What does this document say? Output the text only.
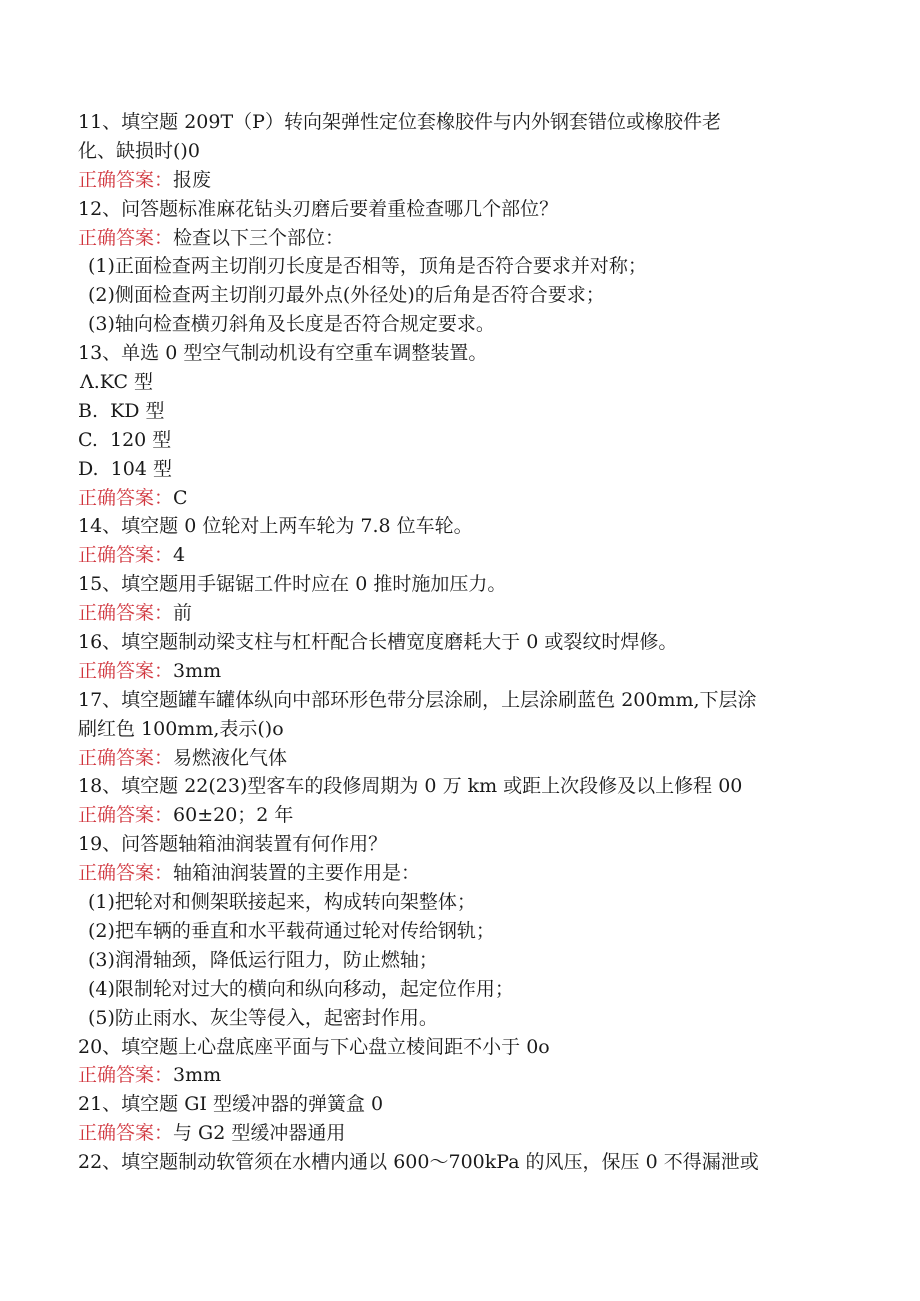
11、填空题 209T（P）转向架弹性定位套橡胶件与内外钢套错位或橡胶件老
化、缺损时()0
正确答案：报废
12、问答题标准麻花钻头刃磨后要着重检查哪几个部位？
正确答案：检查以下三个部位：
(1)正面检查两主切削刃长度是否相等，顶角是否符合要求并对称；
(2)侧面检查两主切削刃最外点(外径处)的后角是否符合要求；
(3)轴向检查横刃斜角及长度是否符合规定要求。
13、单选 0 型空气制动机设有空重车调整装置。
Λ.KC 型
B.  KD 型
C.  120 型
D.  104 型
正确答案：C
14、填空题 0 位轮对上两车轮为 7.8 位车轮。
正确答案：4
15、填空题用手锯锯工件时应在 0 推时施加压力。
正确答案：前
16、填空题制动梁支柱与杠杆配合长槽宽度磨耗大于 0 或裂纹时焊修。
正确答案：3mm
17、填空题罐车罐体纵向中部环形色带分层涂刷，上层涂刷蓝色 200mm,下层涂
刷红色 100mm,表示()o
正确答案：易燃液化气体
18、填空题 22(23)型客车的段修周期为 0 万 km 或距上次段修及以上修程 00
正确答案：60±20；2 年
19、问答题轴箱油润装置有何作用？
正确答案：轴箱油润装置的主要作用是：
(1)把轮对和侧架联接起来，构成转向架整体；
(2)把车辆的垂直和水平载荷通过轮对传给钢轨；
(3)润滑轴颈，降低运行阻力，防止燃轴；
(4)限制轮对过大的横向和纵向移动，起定位作用；
(5)防止雨水、灰尘等侵入，起密封作用。
20、填空题上心盘底座平面与下心盘立棱间距不小于 0o
正确答案：3mm
21、填空题 GI 型缓冲器的弹簧盒 0
正确答案：与 G2 型缓冲器通用
22、填空题制动软管须在水槽内通以 600～700kPa 的风压，保压 0 不得漏泄或
